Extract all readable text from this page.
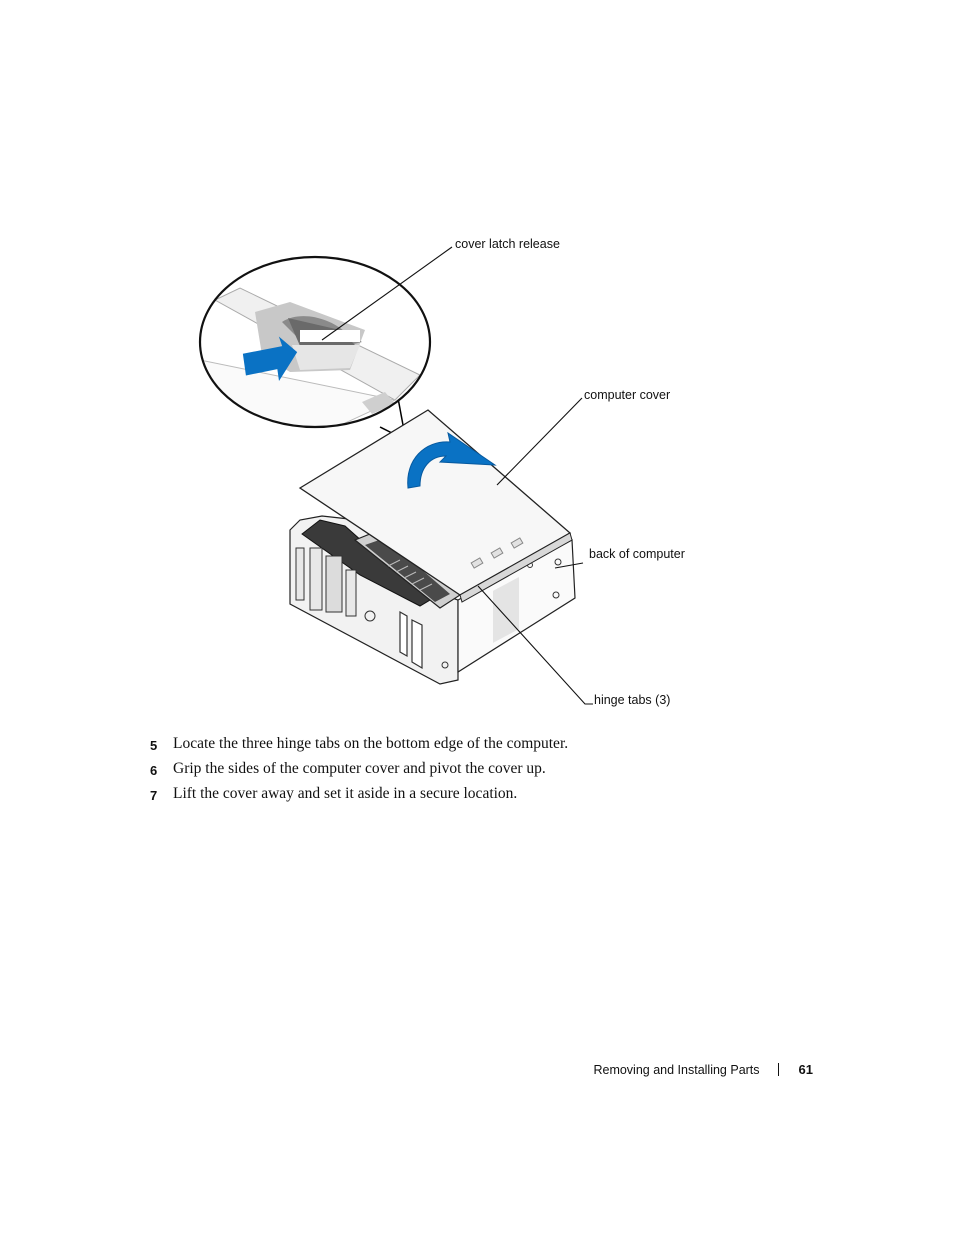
cover latch release
computer cover
back of computer
hinge tabs (3)
5 Locate the three hinge tabs on the bottom edge of the computer.
6 Grip the sides of the computer cover and pivot the cover up.
7 Lift the cover away and set it aside in a secure location.
Removing and Installing Parts	61
